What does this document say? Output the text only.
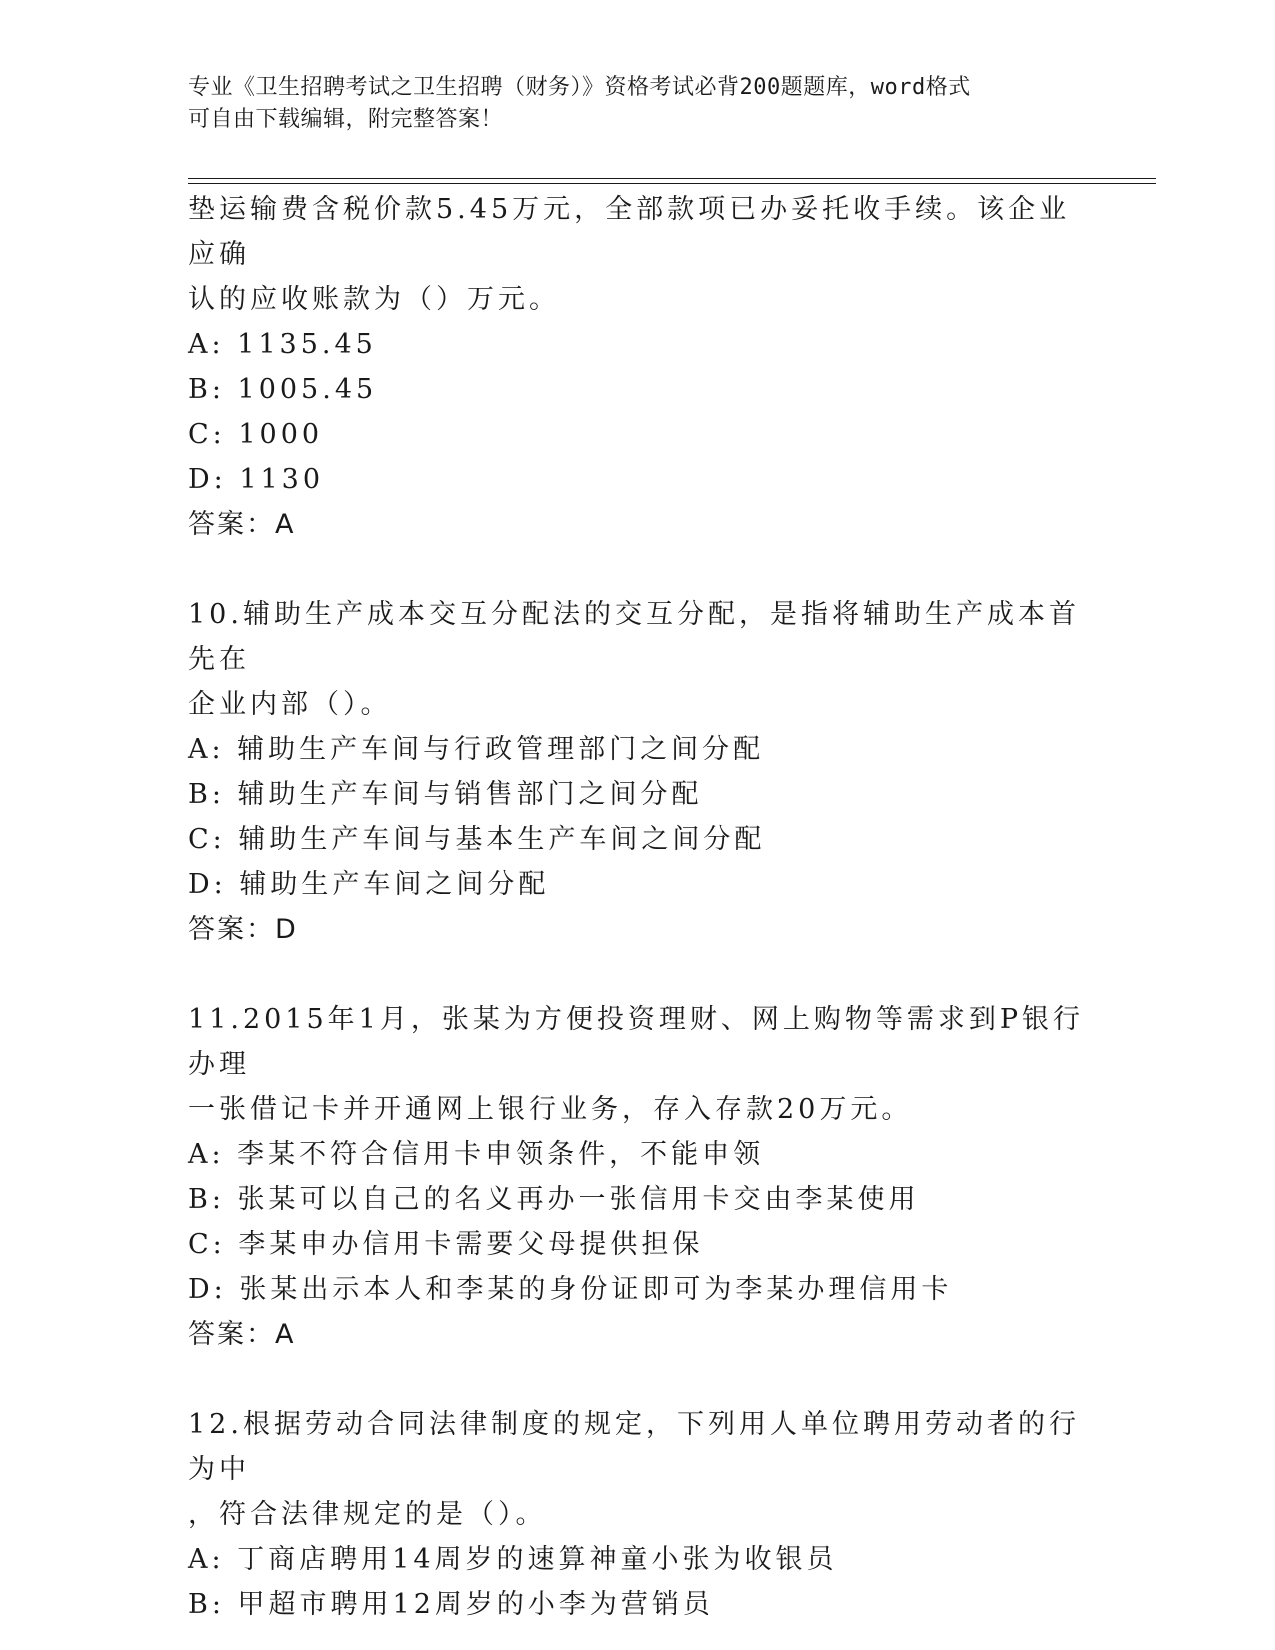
专业《卫生招聘考试之卫生招聘（财务）》资格考试必背200题题库，word格式
可自由下载编辑，附完整答案！

垫运输费含税价款5.45万元，全部款项已办妥托收手续。该企业应确

认的应收账款为（）万元。

A: 1135.45

B: 1005.45

C: 1000

D: 1130

答案：A

10.辅助生产成本交互分配法的交互分配，是指将辅助生产成本首先在

企业内部（）。

A: 辅助生产车间与行政管理部门之间分配

B: 辅助生产车间与销售部门之间分配

C: 辅助生产车间与基本生产车间之间分配

D: 辅助生产车间之间分配

答案：D

11.2015年1月，张某为方便投资理财、网上购物等需求到P银行办理

一张借记卡并开通网上银行业务，存入存款20万元。

A: 李某不符合信用卡申领条件，不能申领

B: 张某可以自己的名义再办一张信用卡交由李某使用

C: 李某申办信用卡需要父母提供担保

D: 张某出示本人和李某的身份证即可为李某办理信用卡

答案：A

12.根据劳动合同法律制度的规定，下列用人单位聘用劳动者的行为中

，符合法律规定的是（）。

A: 丁商店聘用14周岁的速算神童小张为收银员

B: 甲超市聘用12周岁的小李为营销员
